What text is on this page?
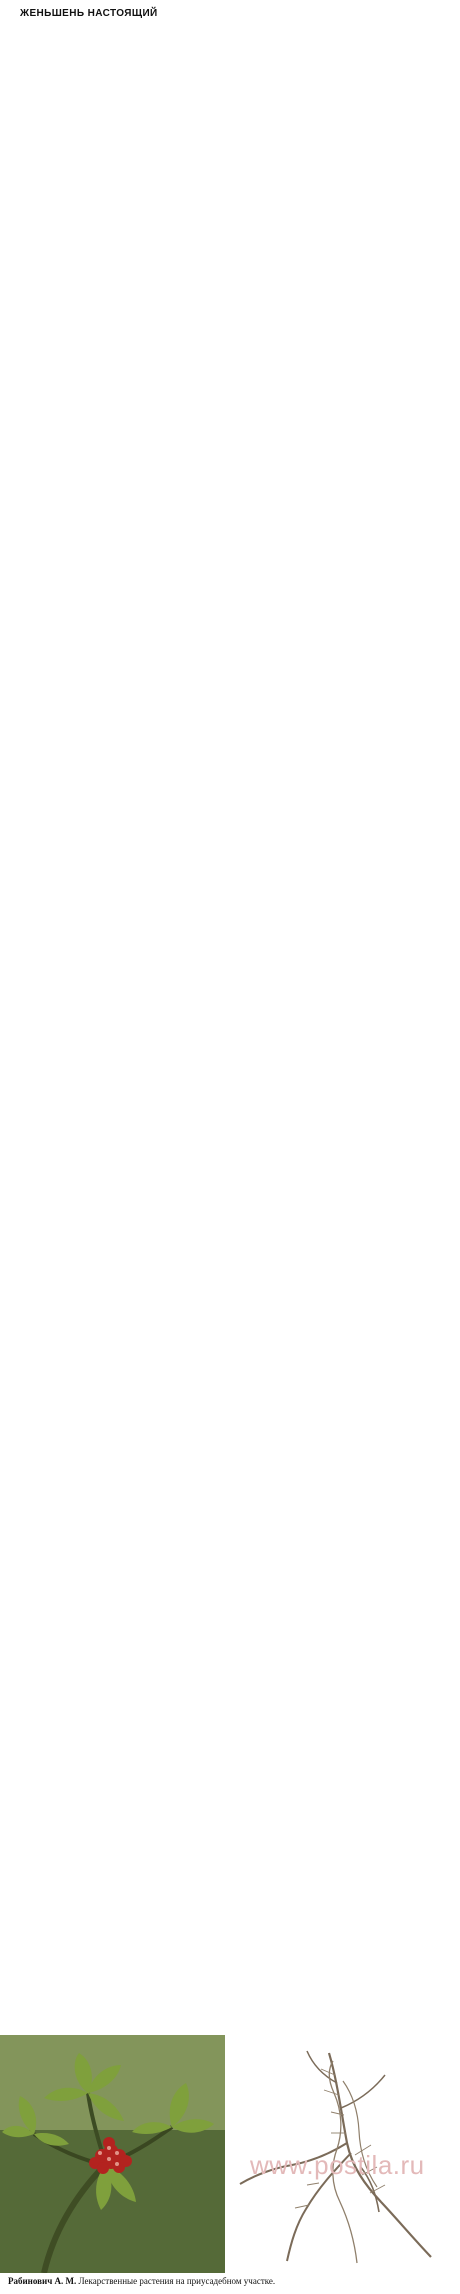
ЖЕНЬШЕНЬ НАСТОЯЩИЙ

www.postila.ru
Рабинович А. М. Лекарственные растения на приусадебном участке.
